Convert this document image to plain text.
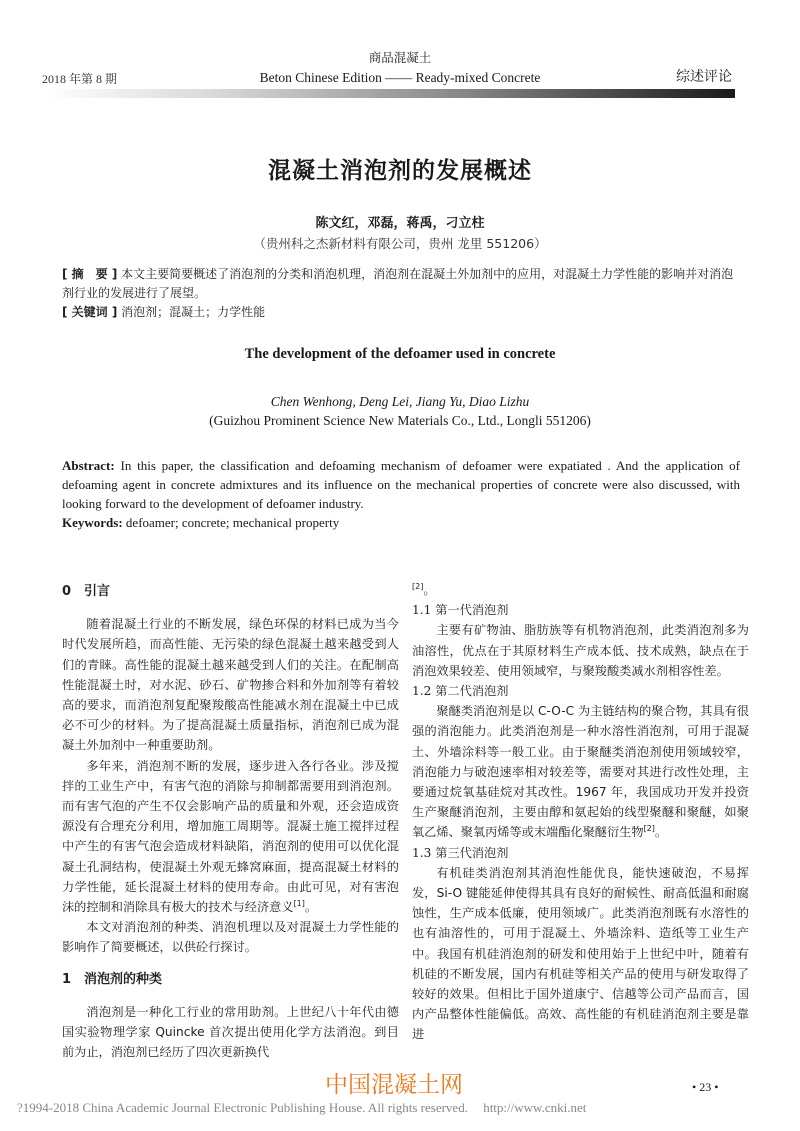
商品混凝土
2018 年第 8 期	Beton Chinese Edition —— Ready-mixed Concrete	综述评论
混凝土消泡剂的发展概述
陈文红，邓磊，蒋禹，刁立柱
（贵州科之杰新材料有限公司，贵州 龙里 551206）
[ 摘　要 ] 本文主要简要概述了消泡剂的分类和消泡机理，消泡剂在混凝土外加剂中的应用，对混凝土力学性能的影响并对消泡剂行业的发展进行了展望。
[ 关键词 ] 消泡剂；混凝土；力学性能
The development of the defoamer used in concrete
Chen Wenhong, Deng Lei, Jiang Yu, Diao Lizhu
(Guizhou Prominent Science New Materials Co., Ltd., Longli 551206)
Abstract: In this paper, the classification and defoaming mechanism of defoamer were expatiated . And the application of defoaming agent in concrete admixtures and its influence on the mechanical properties of concrete were also discussed, with looking forward to the development of defoamer industry.
Keywords: defoamer; concrete; mechanical property
0　引言

随着混凝土行业的不断发展，绿色环保的材料已成为当今时代发展所趋，而高性能、无污染的绿色混凝土越来越受到人们的青睐。高性能的混凝土越来越受到人们的关注。在配制高性能混凝土时，对水泥、砂石、矿物掺合料和外加剂等有着较高的要求，而消泡剂复配聚羧酸高性能减水剂在混凝土中已成必不可少的材料。为了提高混凝土质量指标，消泡剂已成为混凝土外加剂中一种重要助剂。

多年来，消泡剂不断的发展，逐步进入各行各业。涉及搅拌的工业生产中，有害气泡的消除与抑制都需要用到消泡剂。而有害气泡的产生不仅会影响产品的质量和外观，还会造成资源没有合理充分利用，增加施工周期等。混凝土施工搅拌过程中产生的有害气泡会造成材料缺陷，消泡剂的使用可以优化混凝土孔洞结构，使混凝土外观无蜂窝麻面，提高混凝土材料的力学性能，延长混凝土材料的使用寿命。由此可见，对有害泡沫的控制和消除具有极大的技术与经济意义[1]。

本文对消泡剂的种类、消泡机理以及对混凝土力学性能的影响作了简要概述，以供砼行探讨。

1　消泡剂的种类

消泡剂是一种化工行业的常用助剂。上世纪八十年代由德国实验物理学家 Quincke 首次提出使用化学方法消泡。到目前为止，消泡剂已经历了四次更新换代

[2]。

1.1 第一代消泡剂

主要有矿物油、脂肪族等有机物消泡剂，此类消泡剂多为油溶性，优点在于其原材料生产成本低、技术成熟，缺点在于消泡效果较差、使用领域窄，与聚羧酸类减水剂相容性差。

1.2 第二代消泡剂

聚醚类消泡剂是以 C-O-C 为主链结构的聚合物，其具有很强的消泡能力。此类消泡剂是一种水溶性消泡剂，可用于混凝土、外墙涂料等一般工业。由于聚醚类消泡剂使用领域较窄，消泡能力与破泡速率相对较差等，需要对其进行改性处理，主要通过烷氧基硅烷对其改性。1967 年，我国成功开发并投资生产聚醚消泡剂，主要由醇和氨起始的线型聚醚和聚醚，如聚氧乙烯、聚氧丙烯等或末端酯化聚醚衍生物[2]。

1.3 第三代消泡剂

有机硅类消泡剂其消泡性能优良，能快速破泡，不易挥发，Si-O 键能延伸使得其具有良好的耐候性、耐高低温和耐腐蚀性，生产成本低廉，使用领域广。此类消泡剂既有水溶性的也有油溶性的，可用于混凝土、外墙涂料、造纸等工业生产中。我国有机硅消泡剂的研发和使用始于上世纪中叶，随着有机硅的不断发展，国内有机硅等相关产品的使用与研发取得了较好的效果。但相比于国外道康宁、信越等公司产品而言，国内产品整体性能偏低。高效、高性能的有机硅消泡剂主要是靠进

中国混凝土网	• 23 •
?1994-2018 China Academic Journal Electronic Publishing House. All rights reserved. http://www.cnki.net
